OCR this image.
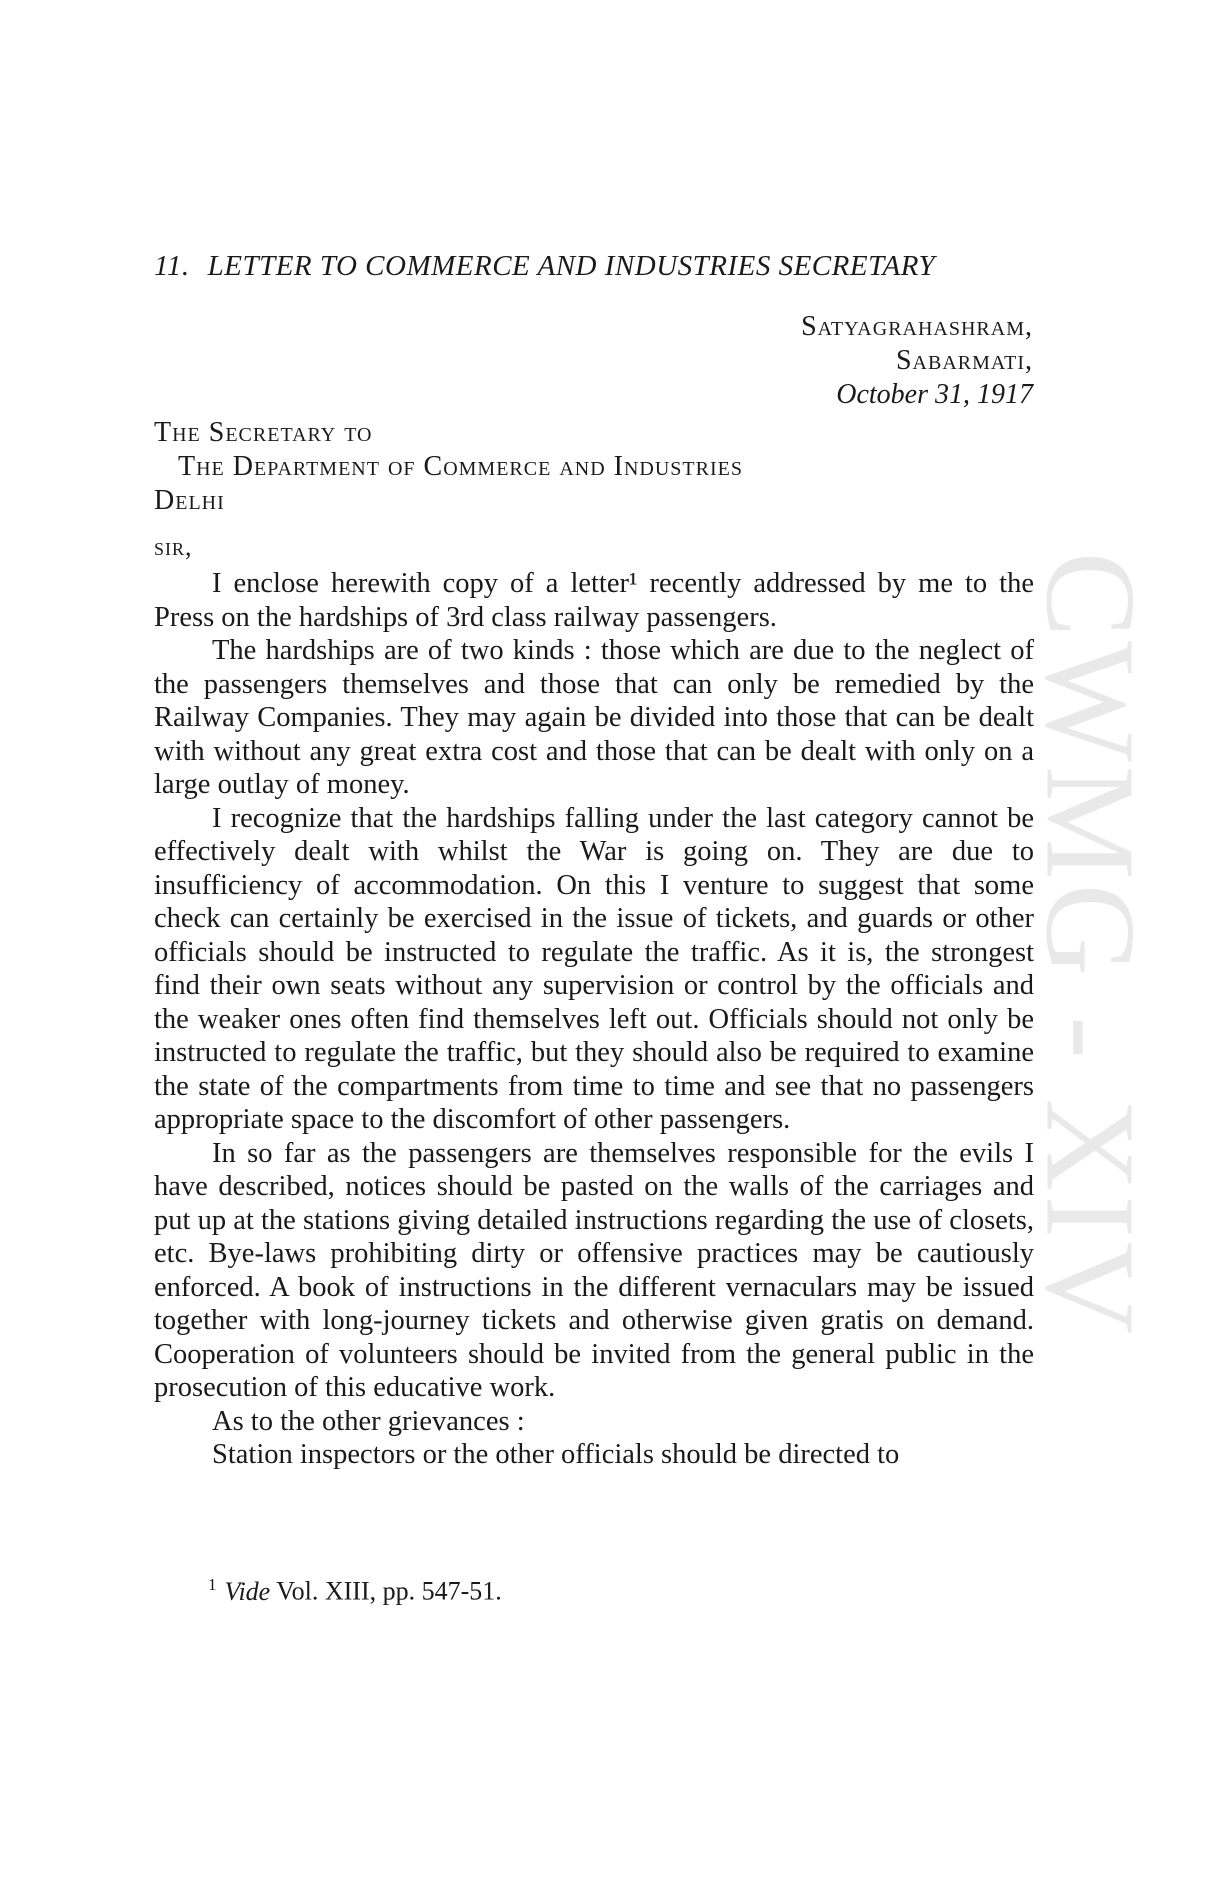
CWMG - XIV
11. LETTER TO COMMERCE AND INDUSTRIES SECRETARY
Satyagrahashram,
Sabarmati,
October 31, 1917
The Secretary to
The Department of Commerce and Industries
Delhi
sir,

I enclose herewith copy of a letter¹ recently addressed by me to the Press on the hardships of 3rd class railway passengers.

The hardships are of two kinds : those which are due to the neglect of the passengers themselves and those that can only be remedied by the Railway Companies. They may again be divided into those that can be dealt with without any great extra cost and those that can be dealt with only on a large outlay of money.

I recognize that the hardships falling under the last category cannot be effectively dealt with whilst the War is going on. They are due to insufficiency of accommodation. On this I venture to suggest that some check can certainly be exercised in the issue of tickets, and guards or other officials should be instructed to regulate the traffic. As it is, the strongest find their own seats without any supervision or control by the officials and the weaker ones often find themselves left out. Officials should not only be instructed to regulate the traffic, but they should also be required to examine the state of the compartments from time to time and see that no passengers appropriate space to the discomfort of other passengers.

In so far as the passengers are themselves responsible for the evils I have described, notices should be pasted on the walls of the carriages and put up at the stations giving detailed instructions regarding the use of closets, etc. Bye-laws prohibiting dirty or offensive practices may be cautiously enforced. A book of instructions in the different vernaculars may be issued together with long-journey tickets and otherwise given gratis on demand. Cooperation of volunteers should be invited from the general public in the prosecution of this educative work.

As to the other grievances :

Station inspectors or the other officials should be directed to

$^1$ Vide Vol. XIII, pp. 547-51.
